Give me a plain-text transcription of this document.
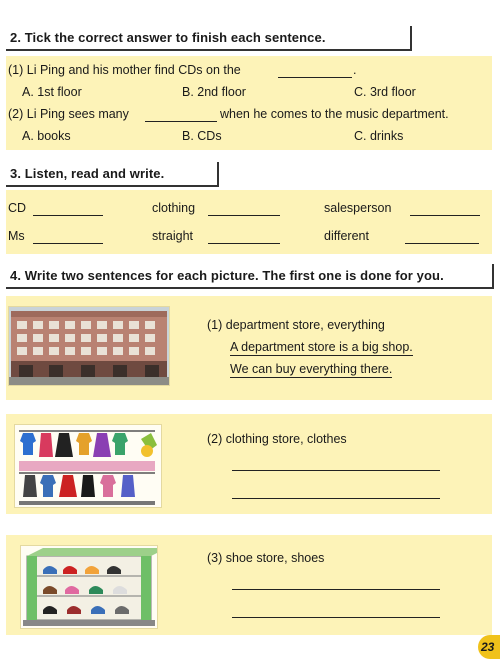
2. Tick the correct answer to finish each sentence.
(1) Li Ping and his mother find CDs on the	.
A. 1st floor	B. 2nd floor	C. 3rd floor
(2) Li Ping sees many	when he comes to the music department.
A. books	B. CDs	C. drinks
3. Listen, read and write.
CD	clothing	salesperson
Ms	straight	different
4. Write two sentences for each picture. The first one is done for you.
(1) department store, everything
A department store is a big shop.
We can buy everything there.
(2) clothing store, clothes
(3) shoe store, shoes
23
